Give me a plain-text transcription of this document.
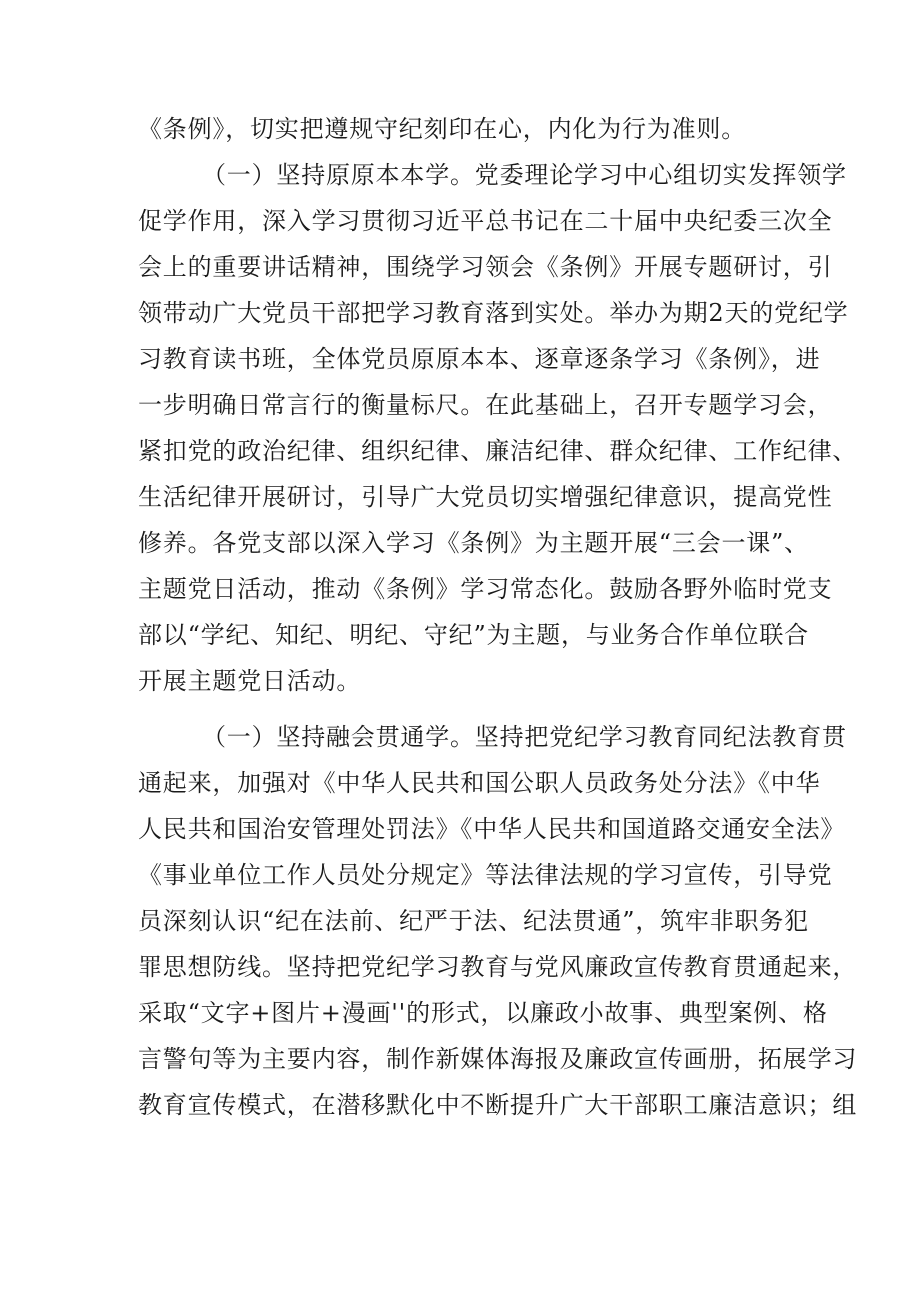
《条例》，切实把遵规守纪刻印在心，内化为行为准则。
（一）坚持原原本本学。党委理论学习中心组切实发挥领学
促学作用，深入学习贯彻习近平总书记在二十届中央纪委三次全
会上的重要讲话精神，围绕学习领会《条例》开展专题研讨，引
领带动广大党员干部把学习教育落到实处。举办为期2天的党纪学
习教育读书班，全体党员原原本本、逐章逐条学习《条例》，进
一步明确日常言行的衡量标尺。在此基础上，召开专题学习会，
紧扣党的政治纪律、组织纪律、廉洁纪律、群众纪律、工作纪律、
生活纪律开展研讨，引导广大党员切实增强纪律意识，提高党性
修养。各党支部以深入学习《条例》为主题开展“三会一课”、
主题党日活动，推动《条例》学习常态化。鼓励各野外临时党支
部以“学纪、知纪、明纪、守纪”为主题，与业务合作单位联合
开展主题党日活动。
（一）坚持融会贯通学。坚持把党纪学习教育同纪法教育贯
通起来，加强对《中华人民共和国公职人员政务处分法》《中华
人民共和国治安管理处罚法》《中华人民共和国道路交通安全法》
《事业单位工作人员处分规定》等法律法规的学习宣传，引导党
员深刻认识“纪在法前、纪严于法、纪法贯通”，筑牢非职务犯
罪思想防线。坚持把党纪学习教育与党风廉政宣传教育贯通起来，
采取“文字+图片+漫画''的形式，以廉政小故事、典型案例、格
言警句等为主要内容，制作新媒体海报及廉政宣传画册，拓展学习
教育宣传模式，在潜移默化中不断提升广大干部职工廉洁意识；组
